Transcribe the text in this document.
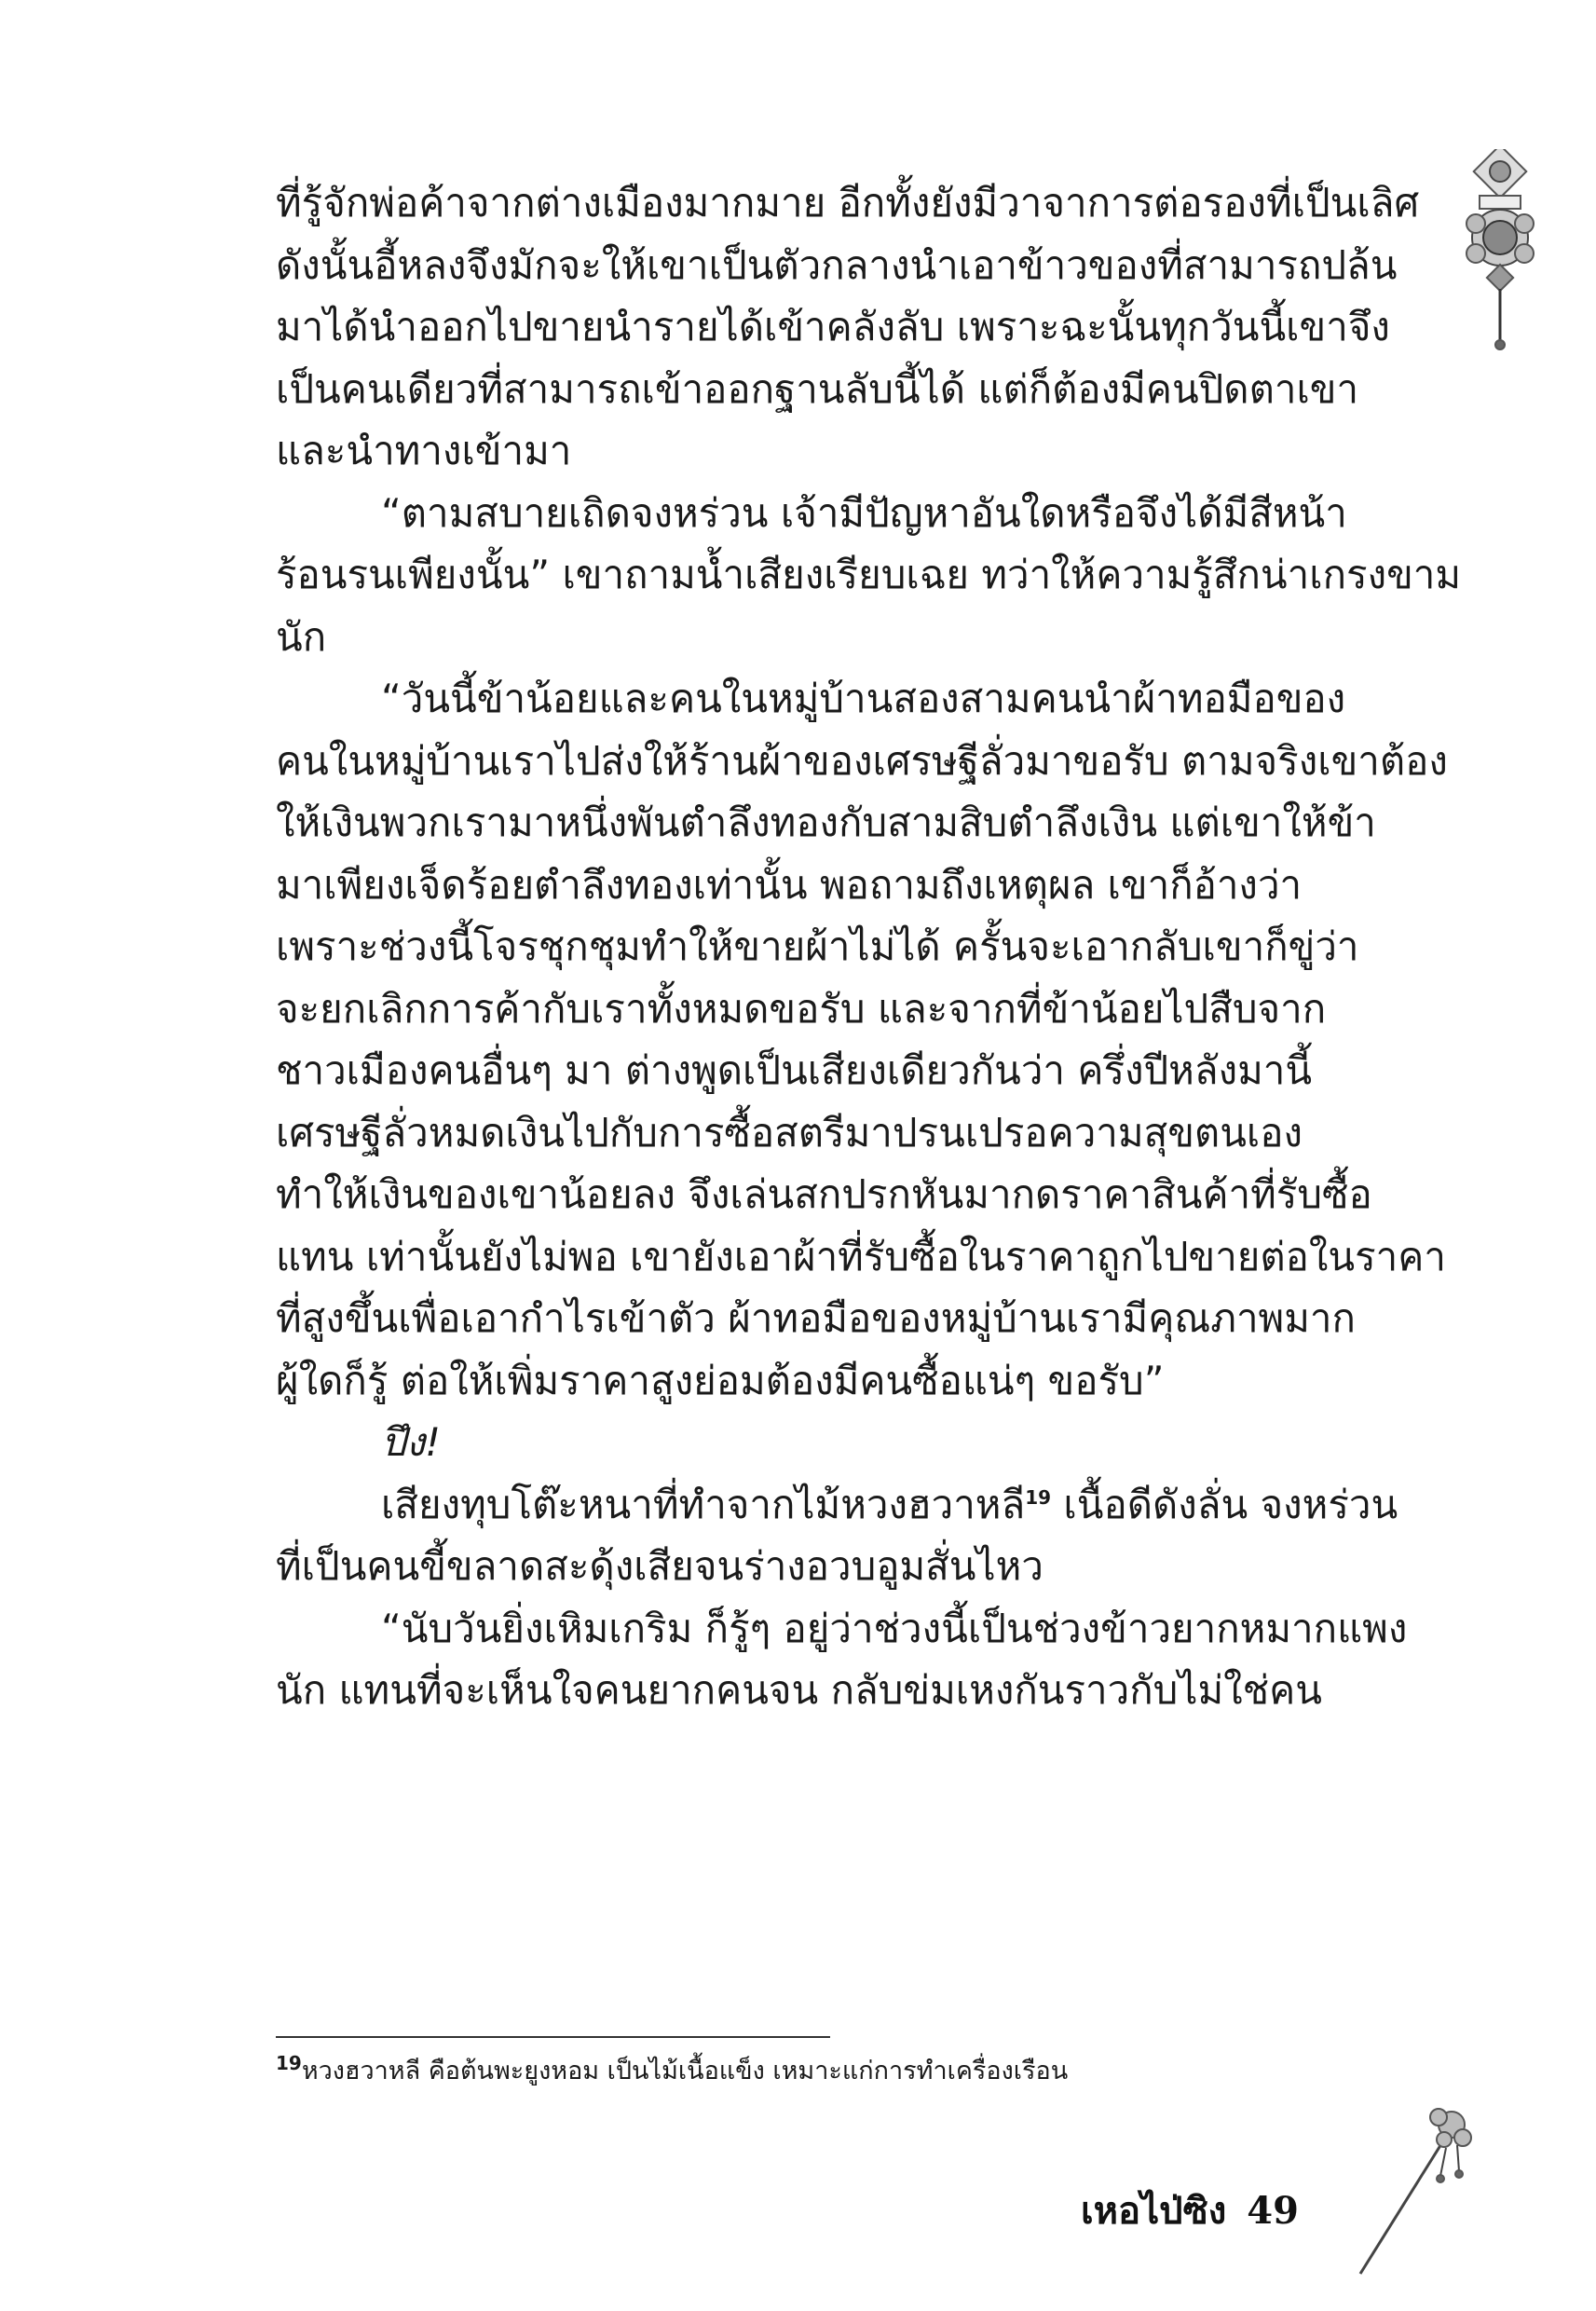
ที่รู้จักพ่อค้าจากต่างเมืองมากมาย อีกทั้งยังมีวาจาการต่อรองที่เป็นเลิศ
ดังนั้นอี้หลงจึงมักจะให้เขาเป็นตัวกลางนำเอาข้าวของที่สามารถปล้น
มาได้นำออกไปขายนำรายได้เข้าคลังลับ เพราะฉะนั้นทุกวันนี้เขาจึง
เป็นคนเดียวที่สามารถเข้าออกฐานลับนี้ได้ แต่ก็ต้องมีคนปิดตาเขา
และนำทางเข้ามา
“ตามสบายเถิดจงหร่วน เจ้ามีปัญหาอันใดหรือจึงได้มีสีหน้า
ร้อนรนเพียงนั้น” เขาถามน้ำเสียงเรียบเฉย ทว่าให้ความรู้สึกน่าเกรงขาม
นัก
“วันนี้ข้าน้อยและคนในหมู่บ้านสองสามคนนำผ้าทอมือของ
คนในหมู่บ้านเราไปส่งให้ร้านผ้าของเศรษฐีลั่วมาขอรับ ตามจริงเขาต้อง
ให้เงินพวกเรามาหนึ่งพันตำลึงทองกับสามสิบตำลึงเงิน แต่เขาให้ข้า
มาเพียงเจ็ดร้อยตำลึงทองเท่านั้น พอถามถึงเหตุผล เขาก็อ้างว่า
เพราะช่วงนี้โจรชุกชุมทำให้ขายผ้าไม่ได้ ครั้นจะเอากลับเขาก็ขู่ว่า
จะยกเลิกการค้ากับเราทั้งหมดขอรับ และจากที่ข้าน้อยไปสืบจาก
ชาวเมืองคนอื่นๆ มา ต่างพูดเป็นเสียงเดียวกันว่า ครึ่งปีหลังมานี้
เศรษฐีลั่วหมดเงินไปกับการซื้อสตรีมาปรนเปรอความสุขตนเอง
ทำให้เงินของเขาน้อยลง จึงเล่นสกปรกหันมากดราคาสินค้าที่รับซื้อ
แทน เท่านั้นยังไม่พอ เขายังเอาผ้าที่รับซื้อในราคาถูกไปขายต่อในราคา
ที่สูงขึ้นเพื่อเอากำไรเข้าตัว ผ้าทอมือของหมู่บ้านเรามีคุณภาพมาก
ผู้ใดก็รู้ ต่อให้เพิ่มราคาสูงย่อมต้องมีคนซื้อแน่ๆ ขอรับ”
ปึง!
เสียงทุบโต๊ะหนาที่ทำจากไม้หวงฮวาหลี$^{19}$ เนื้อดีดังลั่น จงหร่วน
ที่เป็นคนขี้ขลาดสะดุ้งเสียจนร่างอวบอูมสั่นไหว
“นับวันยิ่งเหิมเกริม ก็รู้ๆ อยู่ว่าช่วงนี้เป็นช่วงข้าวยากหมากแพง
นัก แทนที่จะเห็นใจคนยากคนจน กลับข่มเหงกันราวกับไม่ใช่คน
$^{19}$หวงฮวาหลี คือต้นพะยูงหอม เป็นไม้เนื้อแข็ง เหมาะแก่การทำเครื่องเรือน
เหอไป่ซิง 49
